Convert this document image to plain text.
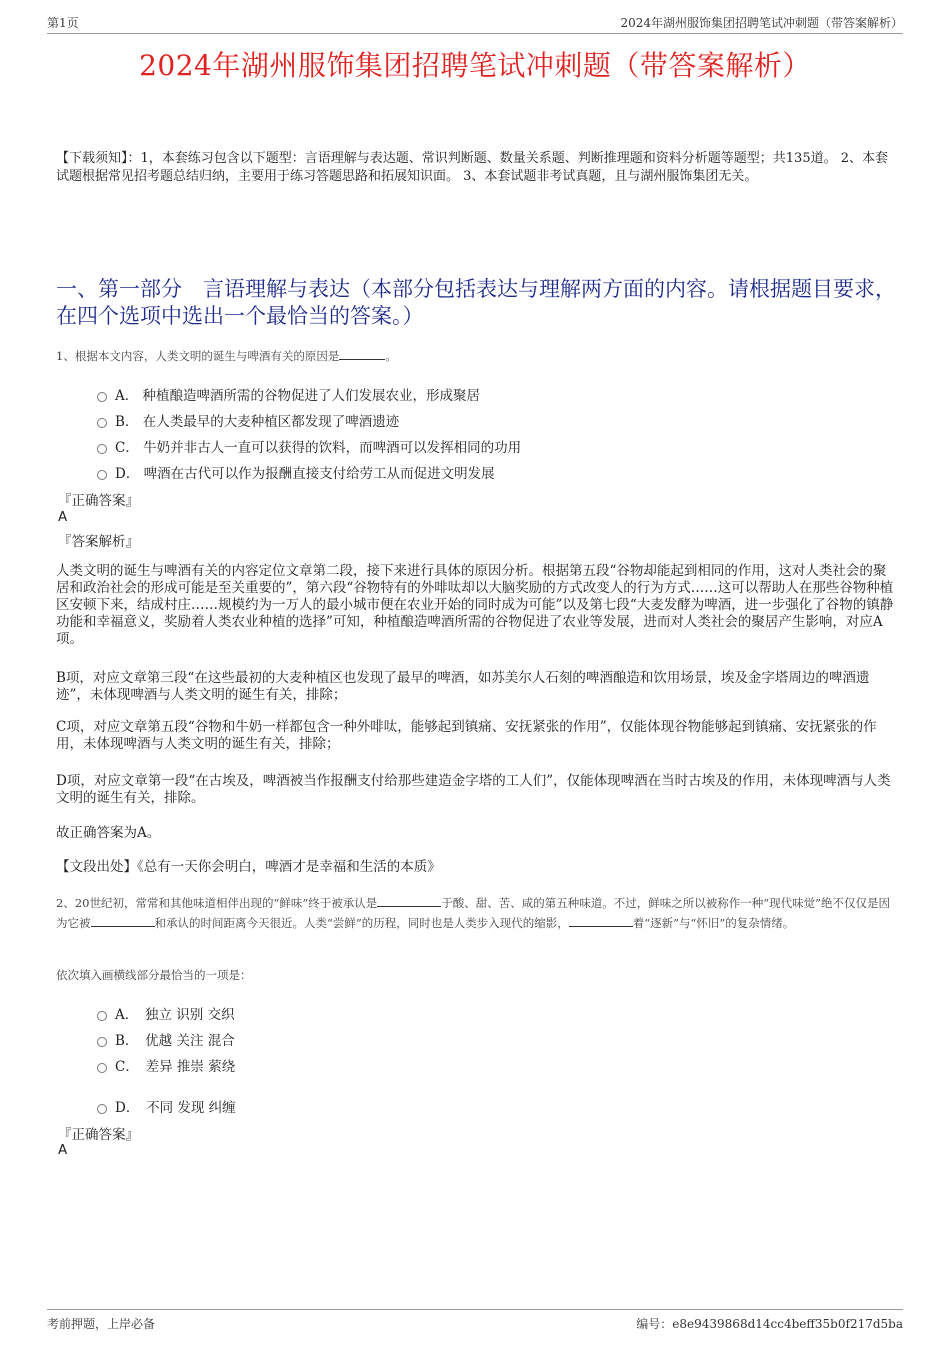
第1页	2024年湖州服饰集团招聘笔试冲刺题（带答案解析）
2024年湖州服饰集团招聘笔试冲刺题（带答案解析）
【下载须知】：1，本套练习包含以下题型：言语理解与表达题、常识判断题、数量关系题、判断推理题和资料分析题等题型；共135道。 2、本套试题根据常见招考题总结归纳，主要用于练习答题思路和拓展知识面。 3、本套试题非考试真题，且与湖州服饰集团无关。
一、第一部分　言语理解与表达（本部分包括表达与理解两方面的内容。请根据题目要求，在四个选项中选出一个最恰当的答案。）
1、根据本文内容，人类文明的诞生与啤酒有关的原因是	。
A． 种植酿造啤酒所需的谷物促进了人们发展农业，形成聚居
B． 在人类最早的大麦种植区都发现了啤酒遗迹
C． 牛奶并非古人一直可以获得的饮料，而啤酒可以发挥相同的功用
D． 啤酒在古代可以作为报酬直接支付给劳工从而促进文明发展
『正确答案』
A
『答案解析』
人类文明的诞生与啤酒有关的内容定位文章第二段，接下来进行具体的原因分析。根据第五段“谷物却能起到相同的作用，这对人类社会的聚居和政治社会的形成可能是至关重要的”，第六段“谷物特有的外啡呔却以大脑奖励的方式改变人的行为方式……这可以帮助人在那些谷物种植区安顿下来，结成村庄……规模约为一万人的最小城市便在农业开始的同时成为可能”以及第七段“大麦发酵为啤酒，进一步强化了谷物的镇静功能和幸福意义，奖励着人类农业种植的选择”可知，种植酿造啤酒所需的谷物促进了农业等发展，进而对人类社会的聚居产生影响，对应A项。
B项，对应文章第三段“在这些最初的大麦种植区也发现了最早的啤酒，如苏美尔人石刻的啤酒酿造和饮用场景，埃及金字塔周边的啤酒遗迹”，未体现啤酒与人类文明的诞生有关，排除；
C项，对应文章第五段“谷物和牛奶一样都包含一种外啡呔，能够起到镇痛、安抚紧张的作用”，仅能体现谷物能够起到镇痛、安抚紧张的作用，未体现啤酒与人类文明的诞生有关，排除；
D项，对应文章第一段“在古埃及，啤酒被当作报酬支付给那些建造金字塔的工人们”，仅能体现啤酒在当时古埃及的作用，未体现啤酒与人类文明的诞生有关，排除。
故正确答案为A。
【文段出处】《总有一天你会明白，啤酒才是幸福和生活的本质》
2、20世纪初，常常和其他味道相伴出现的“鲜味”终于被承认是	于酸、甜、苦、咸的第五种味道。不过，鲜味之所以被称作一种“现代味觉”绝不仅仅是因为它被	和承认的时间距离今天很近。人类“尝鲜”的历程，同时也是人类步入现代的缩影，	着“逐新”与“怀旧”的复杂情绪。
依次填入画横线部分最恰当的一项是：
A．　独立 识别 交织
B．　优越 关注 混合
C．　差异 推崇 萦绕
D．　不同 发现 纠缠
『正确答案』
A
考前押题，上岸必备	编号：e8e9439868d14cc4beff35b0f217d5ba
